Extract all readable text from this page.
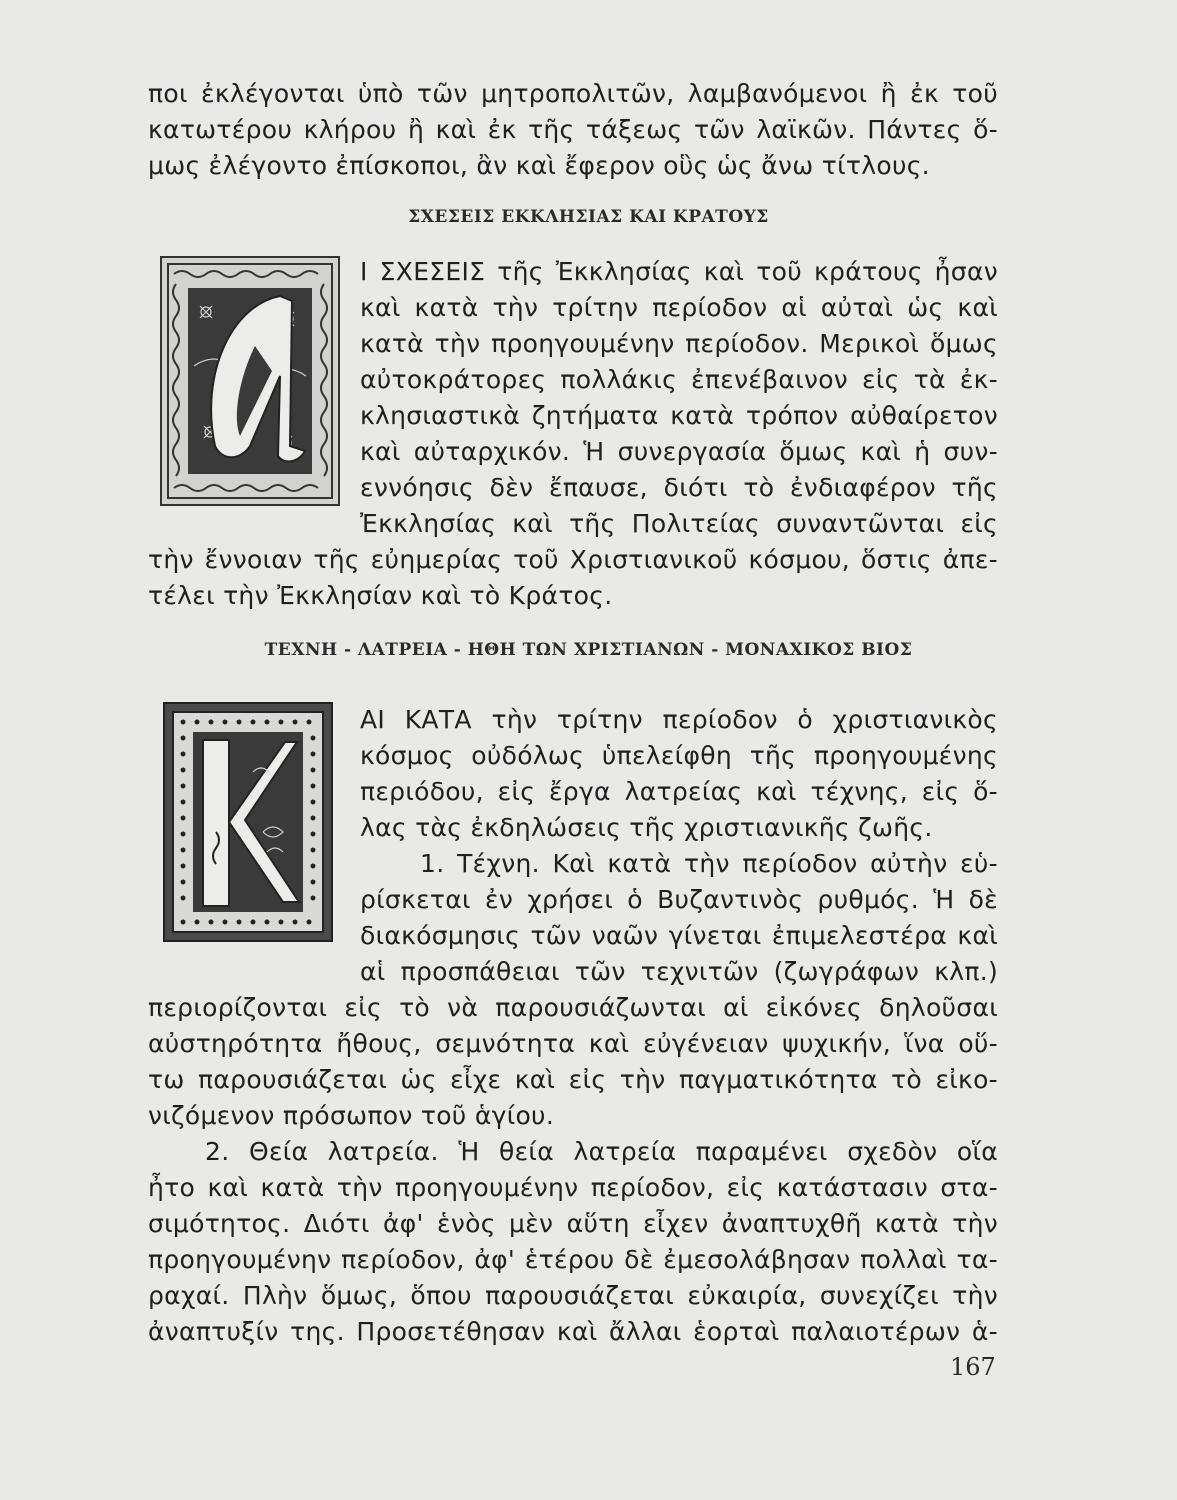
ποι ἐκλέγονται ὑπὸ τῶν μητροπολιτῶν, λαμβανόμενοι ἢ ἐκ τοῦ
κατωτέρου κλήρου ἢ καὶ ἐκ τῆς τάξεως τῶν λαϊκῶν. Πάντες ὅ-
μως ἐλέγοντο ἐπίσκοποι, ἂν καὶ ἔφερον οὓς ὡς ἄνω τίτλους.
ΣΧΕΣΕΙΣ ΕΚΚΛΗΣΙΑΣ ΚΑΙ ΚΡΑΤΟΥΣ
Ι ΣΧΕΣΕΙΣ τῆς Ἐκκλησίας καὶ τοῦ κράτους ἦσαν
καὶ κατὰ τὴν τρίτην περίοδον αἱ αὐταὶ ὡς καὶ
κατὰ τὴν προηγουμένην περίοδον. Μερικοὶ ὅμως
αὐτοκράτορες πολλάκις ἐπενέβαινον εἰς τὰ ἐκ-
κλησιαστικὰ ζητήματα κατὰ τρόπον αὐθαίρετον
καὶ αὐταρχικόν. Ἡ συνεργασία ὅμως καὶ ἡ συν-
εννόησις δὲν ἔπαυσε, διότι τὸ ἐνδιαφέρον τῆς
Ἐκκλησίας καὶ τῆς Πολιτείας συναντῶνται εἰς
τὴν ἔννοιαν τῆς εὐημερίας τοῦ Χριστιανικοῦ κόσμου, ὅστις ἀπε-
τέλει τὴν Ἐκκλησίαν καὶ τὸ Κράτος.
ΤΕΧΝΗ - ΛΑΤΡΕΙΑ - ΗΘΗ ΤΩΝ ΧΡΙΣΤΙΑΝΩΝ - ΜΟΝΑΧΙΚΟΣ ΒΙΟΣ
ΑΙ ΚΑΤΑ τὴν τρίτην περίοδον ὁ χριστιανικὸς
κόσμος οὐδόλως ὑπελείφθη τῆς προηγουμένης
περιόδου, εἰς ἔργα λατρείας καὶ τέχνης, εἰς ὅ-
λας τὰς ἐκδηλώσεις τῆς χριστιανικῆς ζωῆς.
1. Τέχνη. Καὶ κατὰ τὴν περίοδον αὐτὴν εὑ-
ρίσκεται ἐν χρήσει ὁ Βυζαντινὸς ρυθμός. Ἡ δὲ
διακόσμησις τῶν ναῶν γίνεται ἐπιμελεστέρα καὶ
αἱ προσπάθειαι τῶν τεχνιτῶν (ζωγράφων κλπ.)
περιορίζονται εἰς τὸ νὰ παρουσιάζωνται αἱ εἰκόνες δηλοῦσαι
αὐστηρότητα ἤθους, σεμνότητα καὶ εὐγένειαν ψυχικήν, ἵνα οὕ-
τω παρουσιάζεται ὡς εἶχε καὶ εἰς τὴν παγματικότητα τὸ εἰκο-
νιζόμενον πρόσωπον τοῦ ἁγίου.
2. Θεία λατρεία. Ἡ θεία λατρεία παραμένει σχεδὸν οἵα
ἦτο καὶ κατὰ τὴν προηγουμένην περίοδον, εἰς κατάστασιν στα-
σιμότητος. Διότι ἀφ' ἑνὸς μὲν αὕτη εἶχεν ἀναπτυχθῆ κατὰ τὴν
προηγουμένην περίοδον, ἀφ' ἑτέρου δὲ ἐμεσολάβησαν πολλαὶ τα-
ραχαί. Πλὴν ὅμως, ὅπου παρουσιάζεται εὐκαιρία, συνεχίζει τὴν
ἀναπτυξίν της. Προσετέθησαν καὶ ἄλλαι ἑορταὶ παλαιοτέρων ἁ-
167
